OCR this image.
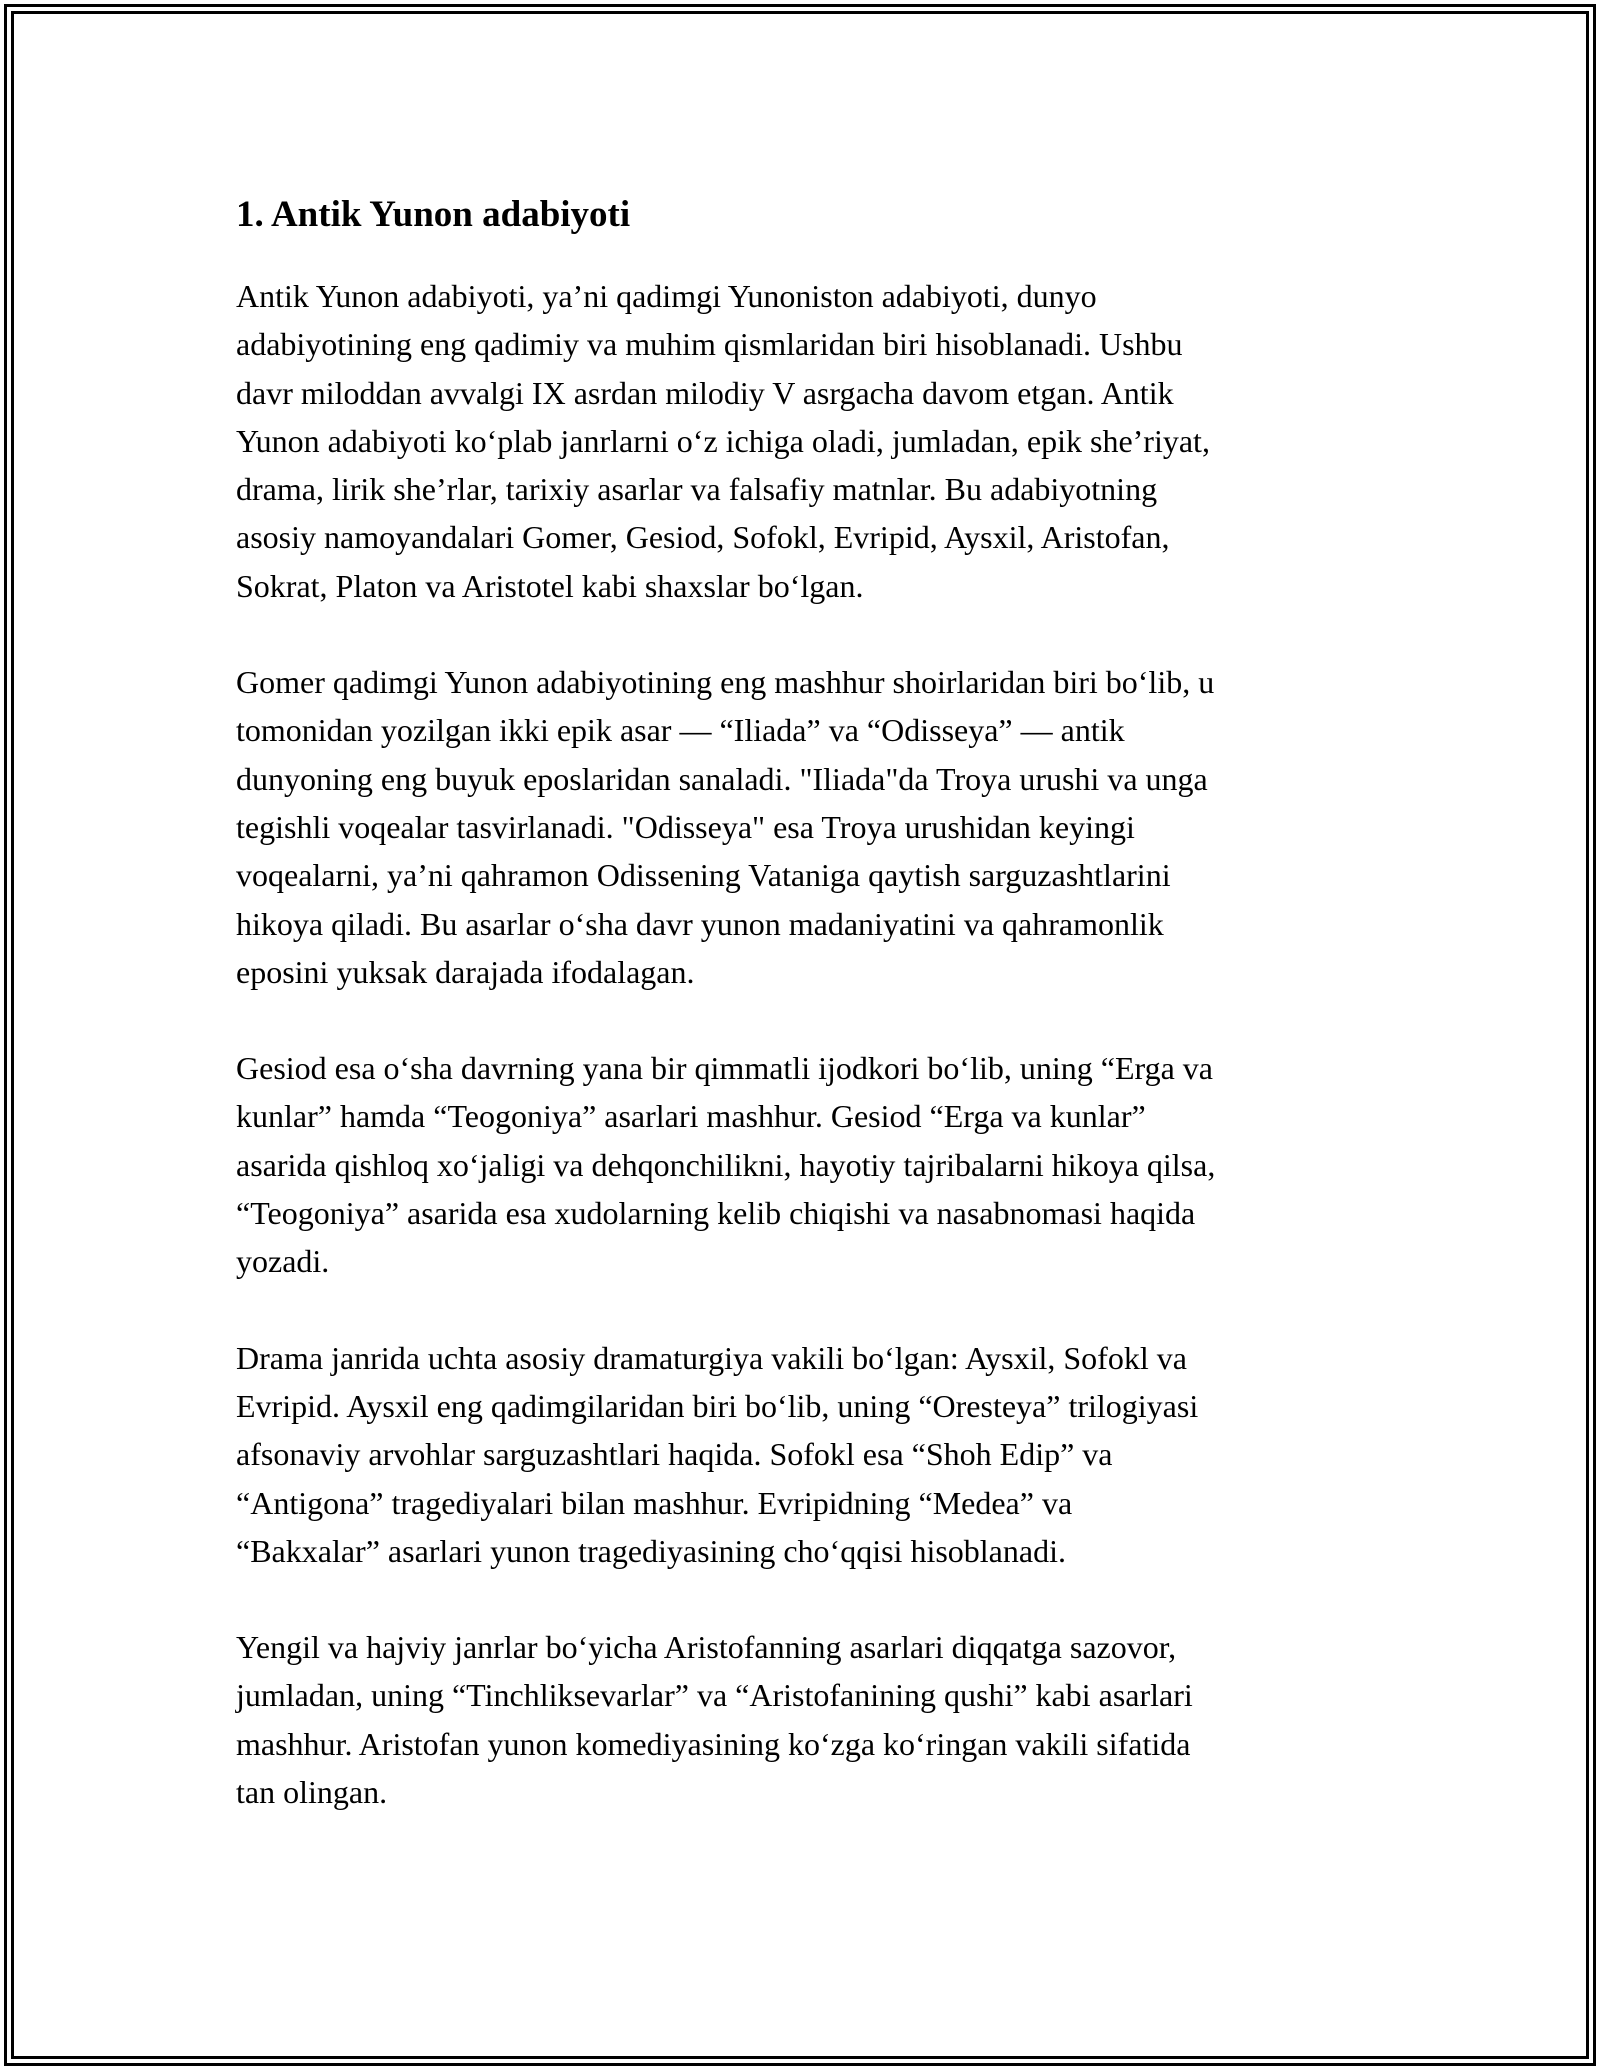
1. Antik Yunon adabiyoti

Antik Yunon adabiyoti, ya’ni qadimgi Yunoniston adabiyoti, dunyo
adabiyotining eng qadimiy va muhim qismlaridan biri hisoblanadi. Ushbu
davr miloddan avvalgi IX asrdan milodiy V asrgacha davom etgan. Antik
Yunon adabiyoti ko‘plab janrlarni o‘z ichiga oladi, jumladan, epik she’riyat,
drama, lirik she’rlar, tarixiy asarlar va falsafiy matnlar. Bu adabiyotning
asosiy namoyandalari Gomer, Gesiod, Sofokl, Evripid, Aysxil, Aristofan,
Sokrat, Platon va Aristotel kabi shaxslar bo‘lgan.

Gomer qadimgi Yunon adabiyotining eng mashhur shoirlaridan biri bo‘lib, u
tomonidan yozilgan ikki epik asar — “Iliada” va “Odisseya” — antik
dunyoning eng buyuk eposlaridan sanaladi. "Iliada"da Troya urushi va unga
tegishli voqealar tasvirlanadi. "Odisseya" esa Troya urushidan keyingi
voqealarni, ya’ni qahramon Odissening Vataniga qaytish sarguzashtlarini
hikoya qiladi. Bu asarlar o‘sha davr yunon madaniyatini va qahramonlik
eposini yuksak darajada ifodalagan.

Gesiod esa o‘sha davrning yana bir qimmatli ijodkori bo‘lib, uning “Erga va
kunlar” hamda “Teogoniya” asarlari mashhur. Gesiod “Erga va kunlar”
asarida qishloq xo‘jaligi va dehqonchilikni, hayotiy tajribalarni hikoya qilsa,
“Teogoniya” asarida esa xudolarning kelib chiqishi va nasabnomasi haqida
yozadi.

Drama janrida uchta asosiy dramaturgiya vakili bo‘lgan: Aysxil, Sofokl va
Evripid. Aysxil eng qadimgilaridan biri bo‘lib, uning “Oresteya” trilogiyasi
afsonaviy arvohlar sarguzashtlari haqida. Sofokl esa “Shoh Edip” va
“Antigona” tragediyalari bilan mashhur. Evripidning “Medea” va
“Bakxalar” asarlari yunon tragediyasining cho‘qqisi hisoblanadi.

Yengil va hajviy janrlar bo‘yicha Aristofanning asarlari diqqatga sazovor,
jumladan, uning “Tinchliksevarlar” va “Aristofanining qushi” kabi asarlari
mashhur. Aristofan yunon komediyasining ko‘zga ko‘ringan vakili sifatida
tan olingan.
